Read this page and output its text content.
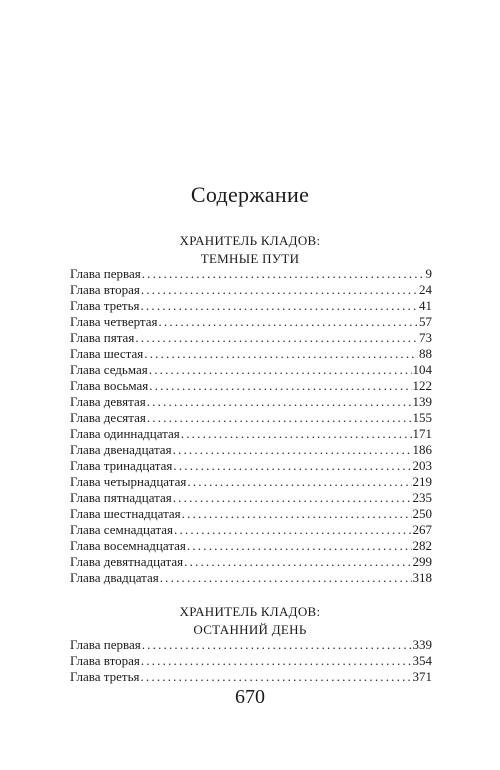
Содержание
ХРАНИТЕЛЬ КЛАДОВ:
ТЕМНЫЕ ПУТИ
Глава первая .....	9
Глава вторая .....	24
Глава третья .....	41
Глава четвертая .....	57
Глава пятая .....	73
Глава шестая .....	88
Глава седьмая .....	104
Глава восьмая .....	122
Глава девятая .....	139
Глава десятая .....	155
Глава одиннадцатая .....	171
Глава двенадцатая .....	186
Глава тринадцатая .....	203
Глава четырнадцатая .....	219
Глава пятнадцатая .....	235
Глава шестнадцатая .....	250
Глава семнадцатая .....	267
Глава восемнадцатая .....	282
Глава девятнадцатая .....	299
Глава двадцатая .....	318
ХРАНИТЕЛЬ КЛАДОВ:
ОСТАННИЙ ДЕНЬ
Глава первая .....	339
Глава вторая .....	354
Глава третья .....	371
670
